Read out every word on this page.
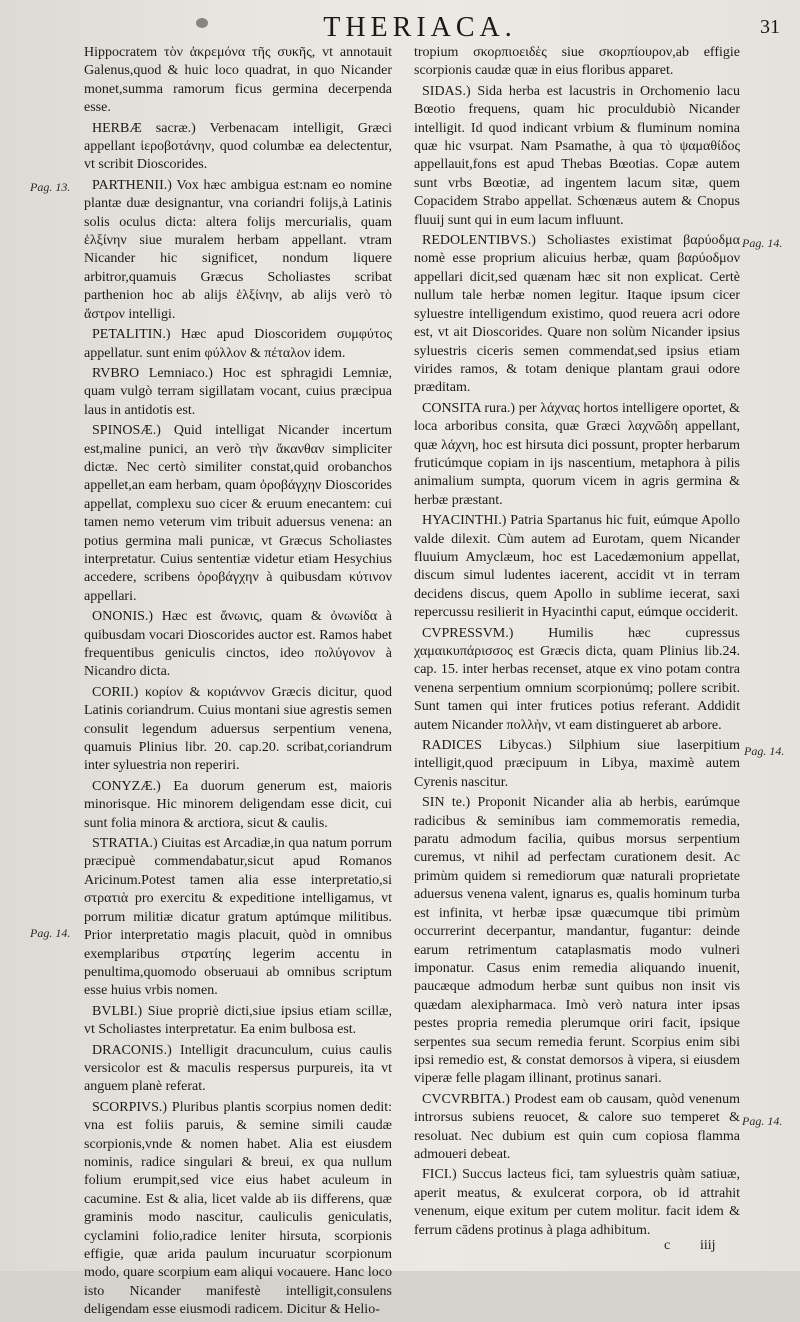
THERIACA.	31
Pag. 13.
Pag. 14.
Pag. 14.
Pag. 14.
Pag. 14.

Hippocratem τὸν ἀκρεμόνα τῆς συκῆς, vt annotauit Galenus,quod & huic loco quadrat, in quo Nicander monet,summa ramorum ficus germina decerpenda esse.

HERBÆ sacræ.) Verbenacam intelligit, Græci appellant ἱερoβοτάνην, quod columbæ ea delectentur, vt scribit Dioscorides.

PARTHENII.) Vox hæc ambigua est:nam eo nomine plantæ duæ designantur, vna coriandri folijs,à Latinis solis oculus dicta: altera folijs mercurialis, quam ἑλξίνην siue muralem herbam appellant. vtram Nicander hic significet, nondum liquere arbitror,quamuis Græcus Scholiastes scribat parthenion hoc ab alijs ἑλξίνην, ab alijs verò τὸ ἄστρον intelligi.

PETALITIN.) Hæc apud Dioscoridem συμφύτος appellatur. sunt enim φύλλον & πέταλον idem.

RVBRO Lemniaco.) Hoc est sphragidi Lemniæ, quam vulgò terram sigillatam vocant, cuius præcipua laus in antidotis est.

SPINOSÆ.) Quid intelligat Nicander incertum est,maline punici, an verò τὴν ἄκανθαν simpliciter dictæ. Nec certò similiter constat,quid orobanchos appellet,an eam herbam, quam ὀροβάγχην Dioscorides appellat, complexu suo cicer & eruum enecantem: cui tamen nemo veterum vim tribuit aduersus venena: an potius germina mali punicæ, vt Græcus Scholiastes interpretatur. Cuius sententiæ videtur etiam Hesychius accedere, scribens ὀροβάγχην à quibusdam κύτινον appellari.

ONONIS.) Hæc est ἄνωνις, quam & ὀνωνίδα à quibusdam vocari Dioscorides auctor est. Ramos habet frequentibus geniculis cinctos, ideo πολύγονον à Nicandro dicta.

CORII.) κορίον & κοριάννον Græcis dicitur, quod Latinis coriandrum. Cuius montani siue agrestis semen consulit legendum aduersus serpentium venena, quamuis Plinius libr. 20. cap.20. scribat,coriandrum inter syluestria non reperiri.

CONYZÆ.) Ea duorum generum est, maioris minorisque. Hic minorem deligendam esse dicit, cui sunt folia minora & arctiora, sicut & caulis.

STRATIA.) Ciuitas est Arcadiæ,in qua natum porrum præcipuè commendabatur,sicut apud Romanos Aricinum.Potest tamen alia esse interpretatio,si στρατιὰ pro exercitu & expeditione intelligamus, vt porrum militiæ dicatur gratum aptúmque militibus. Prior interpretatio magis placuit, quòd in omnibus exemplaribus στρατίης legerim accentu in penultima,quomodo obseruaui ab omnibus scriptum esse huius vrbis nomen.

BVLBI.) Siue propriè dicti,siue ipsius etiam scillæ, vt Scholiastes interpretatur. Ea enim bulbosa est.

DRACONIS.) Intelligit dracunculum, cuius caulis versicolor est & maculis respersus purpureis, ita vt anguem planè referat.

SCORPIVS.) Pluribus plantis scorpius nomen dedit: vna est foliis paruis, & semine simili caudæ scorpionis,vnde & nomen habet. Alia est eiusdem nominis, radice singulari & breui, ex qua nullum folium erumpit,sed vice eius habet aculeum in cacumine. Est & alia, licet valde ab iis differens, quæ graminis modo nascitur, cauliculis geniculatis, cyclamini folio,radice leniter hirsuta, scorpionis effigie, quæ arida paulum incuruatur scorpionum modo, quare scorpium eam aliqui vocauere. Hanc loco isto Nicander manifestè intelligit,consulens deligendam esse eiusmodi radicem. Dicitur & Helio-

tropium σκορπιοειδὲς siue σκορπίουρον,ab effigie scorpionis caudæ quæ in eius floribus apparet.

SIDAS.) Sida herba est lacustris in Orchomenio lacu Bœotio frequens, quam hic proculdubiò Nicander intelligit. Id quod indicant vrbium & fluminum nomina quæ hic vsurpat. Nam Psamathe, à qua τὸ ψαμαθίδος appellauit,fons est apud Thebas Bœotias. Copæ autem sunt vrbs Bœotiæ, ad ingentem lacum sitæ, quem Copacidem Strabo appellat. Schœnæus autem & Cnopus fluuij sunt qui in eum lacum influunt.

REDOLENTIBVS.) Scholiastes existimat βαρύοδμα nomè esse proprium alicuius herbæ, quam βαρύοδμον appellari dicit,sed quænam hæc sit non explicat. Certè nullum tale herbæ nomen legitur. Itaque ipsum cicer syluestre intelligendum existimo, quod reuera acri odore est, vt ait Dioscorides. Quare non solùm Nicander ipsius syluestris ciceris semen commendat,sed ipsius etiam virides ramos, & totam denique plantam graui odore præditam.

CONSITA rura.) per λάχνας hortos intelligere oportet, & loca arboribus consita, quæ Græci λαχνῶδη appellant, quæ λάχνη, hoc est hirsuta dici possunt, propter herbarum fruticúmque copiam in ijs nascentium, metaphora à pilis animalium sumpta, quorum vicem in agris germina & herbæ præstant.

HYACINTHI.) Patria Spartanus hic fuit, eúmque Apollo valde dilexit. Cùm autem ad Eurotam, quem Nicander fluuium Amyclæum, hoc est Lacedæmonium appellat, discum simul ludentes iacerent, accidit vt in terram decidens discus, quem Apollo in sublime iecerat, saxi repercussu resilierit in Hyacinthi caput, eúmque occiderit.

CVPRESSVM.) Humilis hæc cupressus χαμαικυπάρισσος est Græcis dicta, quam Plinius lib.24. cap. 15. inter herbas recenset, atque ex vino potam contra venena serpentium omnium scorpionúmq; pollere scribit. Sunt tamen qui inter frutices potius referant. Addidit autem Nicander πολλὴν, vt eam distingueret ab arbore.

RADICES Libycas.) Silphium siue laserpitium intelligit,quod præcipuum in Libya, maximè autem Cyrenis nascitur.

SIN te.) Proponit Nicander alia ab herbis, earúmque radicibus & seminibus iam commemoratis remedia, paratu admodum facilia, quibus morsus serpentium curemus, vt nihil ad perfectam curationem desit. Ac primùm quidem si remediorum quæ naturali proprietate aduersus venena valent, ignarus es, qualis hominum turba est infinita, vt herbæ ipsæ quæcumque tibi primùm occurrerint decerpantur, mandantur, fugantur: deinde earum retrimentum cataplasmatis modo vulneri imponatur. Casus enim remedia aliquando inuenit, paucæque admodum herbæ sunt quibus non insit vis quædam alexipharmaca. Imò verò natura inter ipsas pestes propria remedia plerumque oriri facit, ipsique serpentes sua secum remedia ferunt. Scorpius enim sibi ipsi remedio est, & constat demorsos à vipera, si eiusdem viperæ felle plagam illinant, protinus sanari.

CVCVRBITA.) Prodest eam ob causam, quòd venenum introrsus subiens reuocet, & calore suo temperet & resoluat. Nec dubium est quin cum copiosa flamma admoueri debeat.

FICI.) Succus lacteus fici, tam syluestris quàm satiuæ, aperit meatus, & exulcerat corpora, ob id attrahit venenum, eique exitum per cutem molitur. facit idem & ferrum cādens protinus à plaga adhibitum.

c iiij
